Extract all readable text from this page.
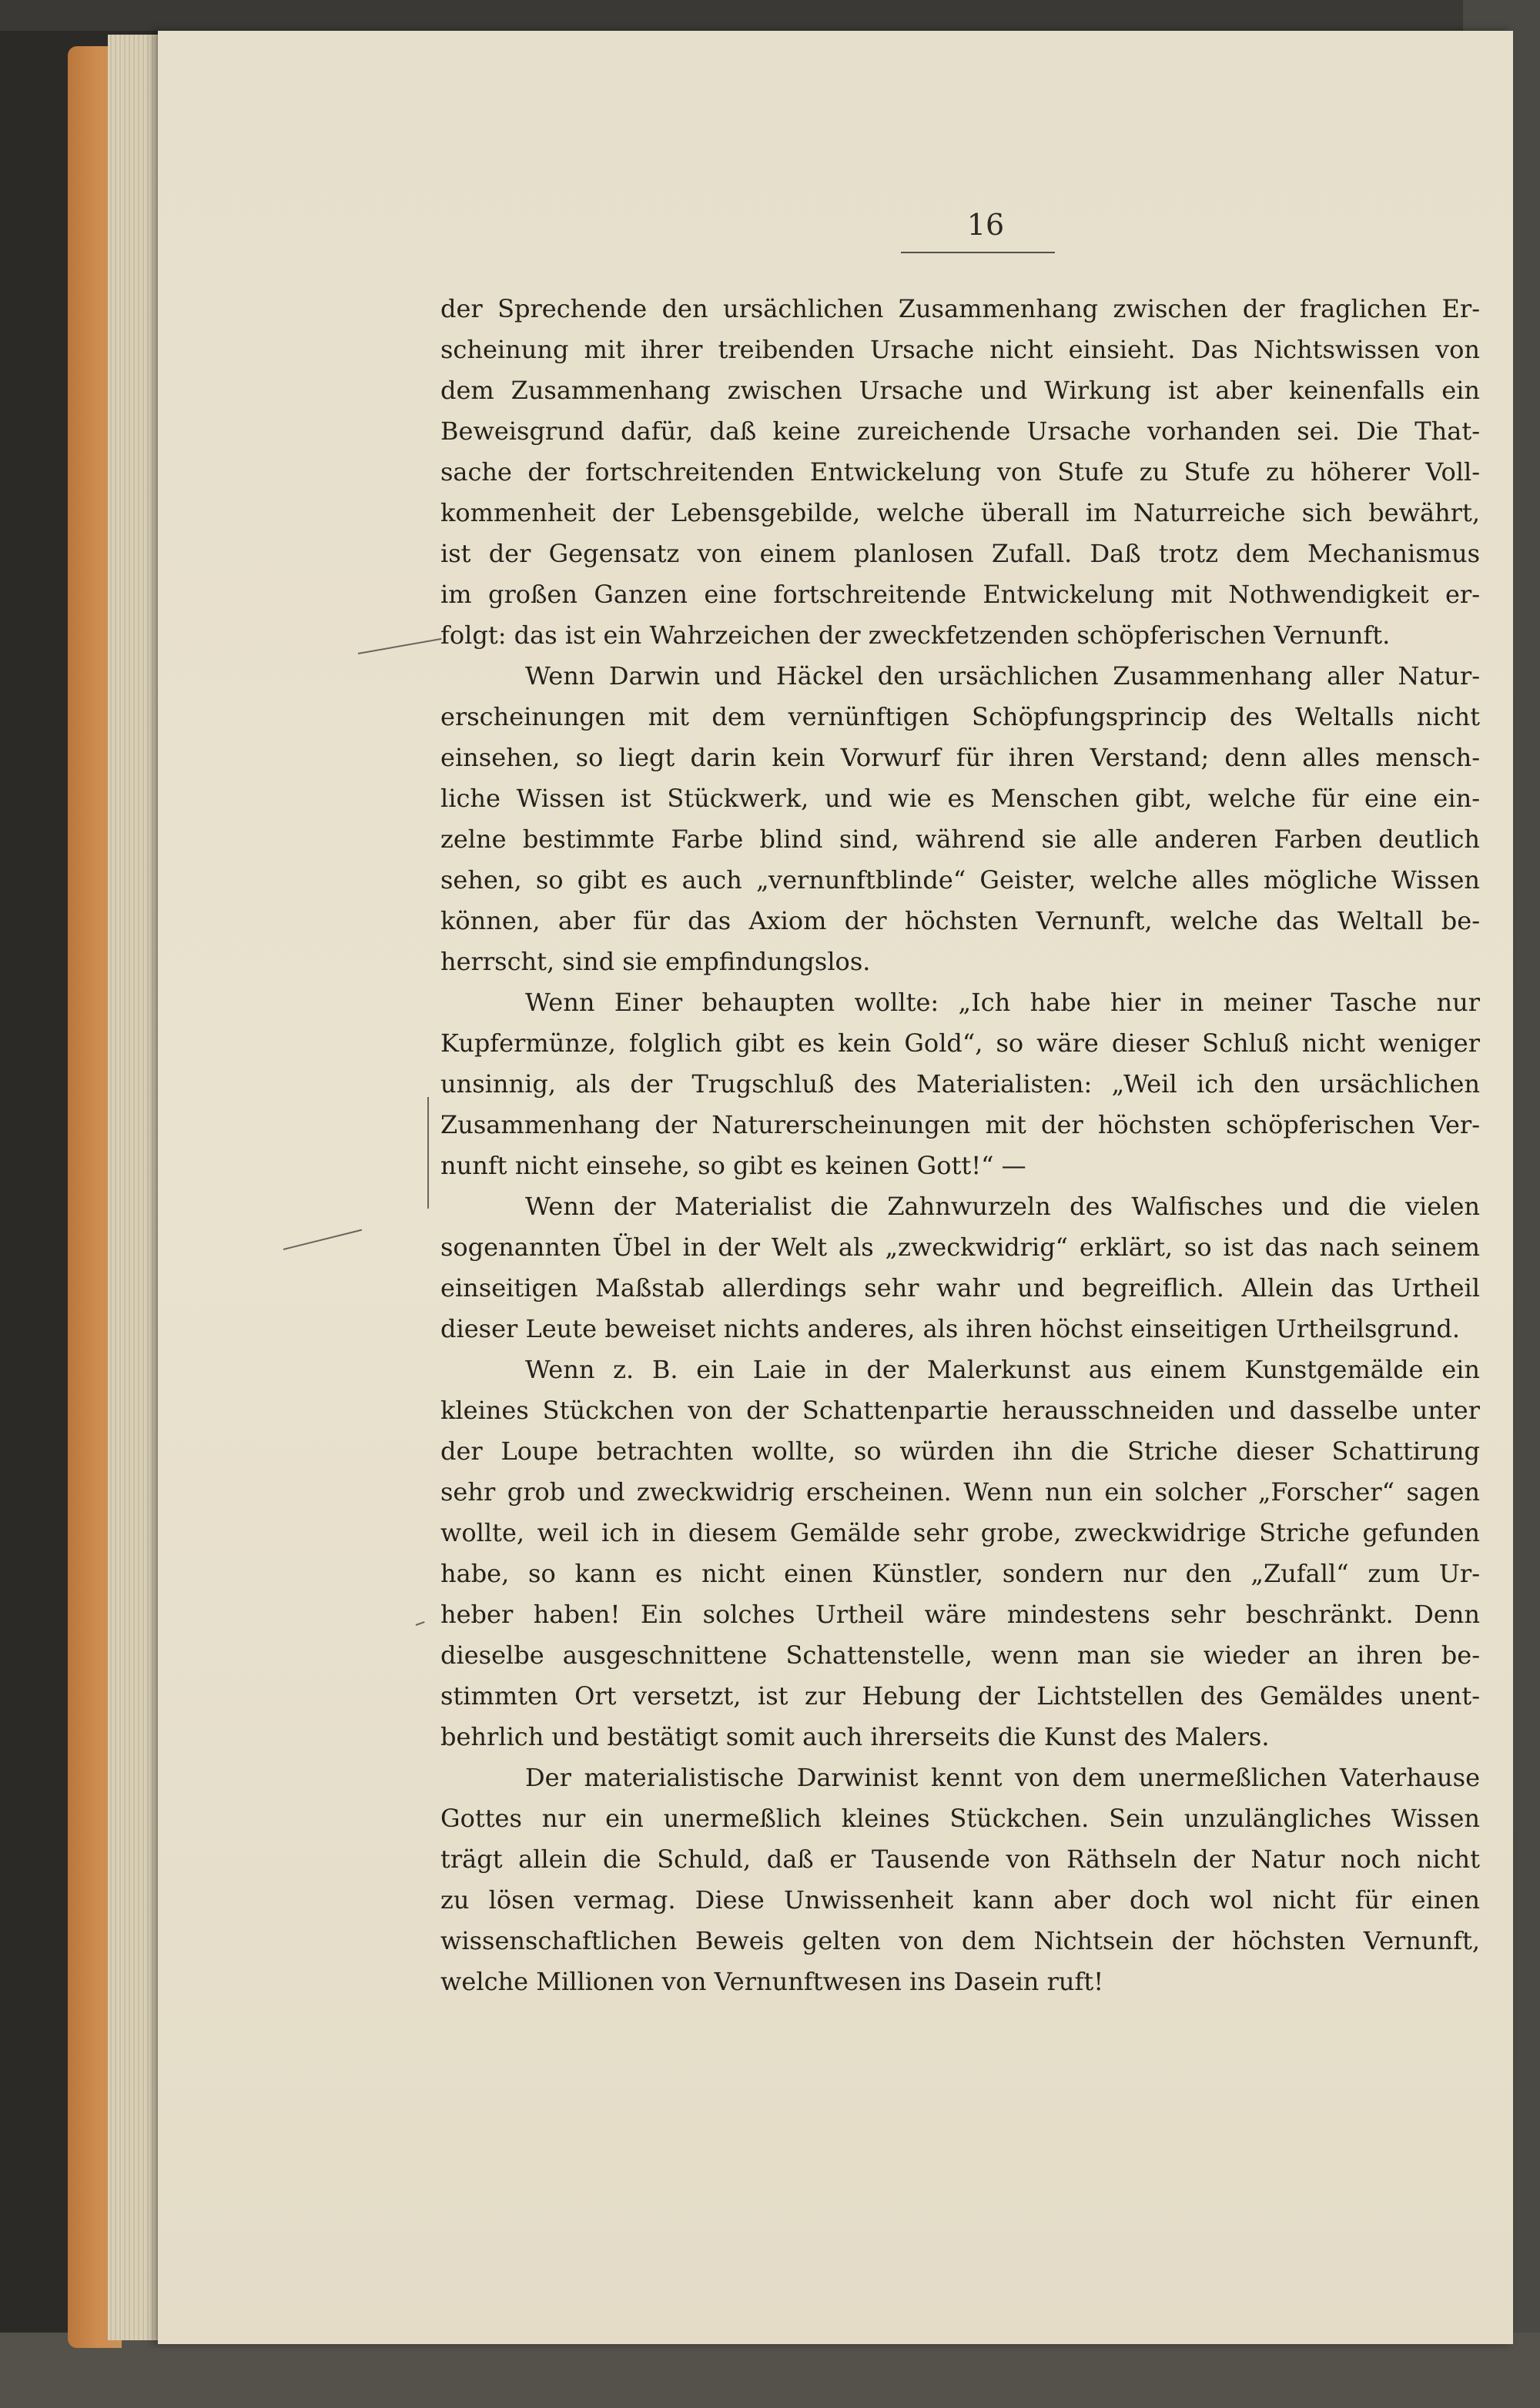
16
der Sprechende den ursächlichen Zusammenhang zwischen der fraglichen Er-
scheinung mit ihrer treibenden Ursache nicht einsieht. Das Nichtswissen von
dem Zusammenhang zwischen Ursache und Wirkung ist aber keinenfalls ein
Beweisgrund dafür, daß keine zureichende Ursache vorhanden sei. Die That-
sache der fortschreitenden Entwickelung von Stufe zu Stufe zu höherer Voll-
kommenheit der Lebensgebilde, welche überall im Naturreiche sich bewährt,
ist der Gegensatz von einem planlosen Zufall. Daß trotz dem Mechanismus
im großen Ganzen eine fortschreitende Entwickelung mit Nothwendigkeit er-
folgt: das ist ein Wahrzeichen der zweckfetzenden schöpferischen Vernunft.
Wenn Darwin und Häckel den ursächlichen Zusammenhang aller Natur-
erscheinungen mit dem vernünftigen Schöpfungsprincip des Weltalls nicht
einsehen, so liegt darin kein Vorwurf für ihren Verstand; denn alles mensch-
liche Wissen ist Stückwerk, und wie es Menschen gibt, welche für eine ein-
zelne bestimmte Farbe blind sind, während sie alle anderen Farben deutlich
sehen, so gibt es auch „vernunftblinde“ Geister, welche alles mögliche Wissen
können, aber für das Axiom der höchsten Vernunft, welche das Weltall be-
herrscht, sind sie empfindungslos.
Wenn Einer behaupten wollte: „Ich habe hier in meiner Tasche nur
Kupfermünze, folglich gibt es kein Gold“, so wäre dieser Schluß nicht weniger
unsinnig, als der Trugschluß des Materialisten: „Weil ich den ursächlichen
Zusammenhang der Naturerscheinungen mit der höchsten schöpferischen Ver-
nunft nicht einsehe, so gibt es keinen Gott!“ —
Wenn der Materialist die Zahnwurzeln des Walfisches und die vielen
sogenannten Übel in der Welt als „zweckwidrig“ erklärt, so ist das nach seinem
einseitigen Maßstab allerdings sehr wahr und begreiflich. Allein das Urtheil
dieser Leute beweiset nichts anderes, als ihren höchst einseitigen Urtheilsgrund.
Wenn z. B. ein Laie in der Malerkunst aus einem Kunstgemälde ein
kleines Stückchen von der Schattenpartie herausschneiden und dasselbe unter
der Loupe betrachten wollte, so würden ihn die Striche dieser Schattirung
sehr grob und zweckwidrig erscheinen. Wenn nun ein solcher „Forscher“ sagen
wollte, weil ich in diesem Gemälde sehr grobe, zweckwidrige Striche gefunden
habe, so kann es nicht einen Künstler, sondern nur den „Zufall“ zum Ur-
heber haben! Ein solches Urtheil wäre mindestens sehr beschränkt. Denn
dieselbe ausgeschnittene Schattenstelle, wenn man sie wieder an ihren be-
stimmten Ort versetzt, ist zur Hebung der Lichtstellen des Gemäldes unent-
behrlich und bestätigt somit auch ihrerseits die Kunst des Malers.
Der materialistische Darwinist kennt von dem unermeßlichen Vaterhause
Gottes nur ein unermeßlich kleines Stückchen. Sein unzulängliches Wissen
trägt allein die Schuld, daß er Tausende von Räthseln der Natur noch nicht
zu lösen vermag. Diese Unwissenheit kann aber doch wol nicht für einen
wissenschaftlichen Beweis gelten von dem Nichtsein der höchsten Vernunft,
welche Millionen von Vernunftwesen ins Dasein ruft!
